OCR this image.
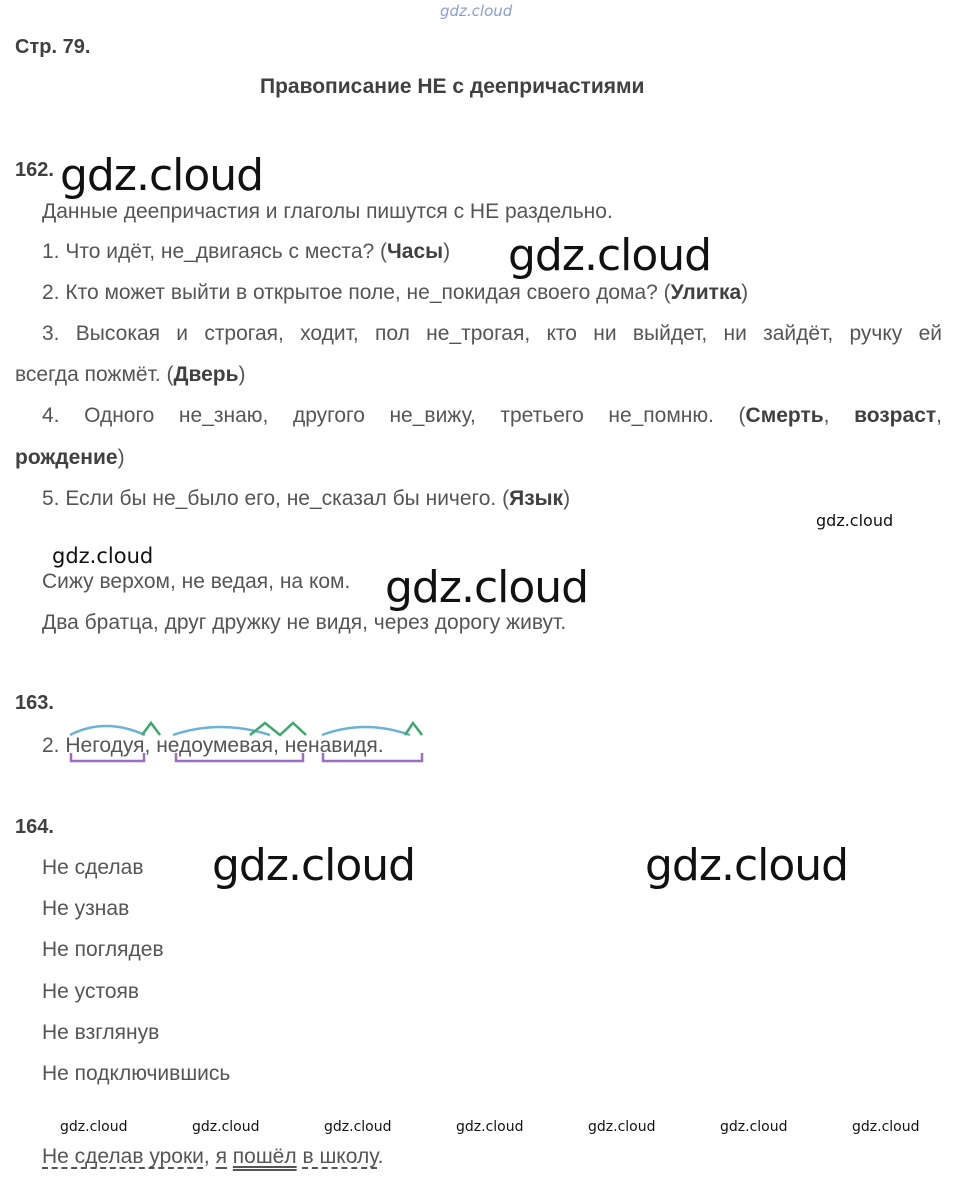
gdz.cloud
Стр. 79.
Правописание НЕ с деепричастиями
162. gdz.cloud
Данные деепричастия и глаголы пишутся с НЕ раздельно.
1. Что идёт, не_двигаясь с места? (Часы) gdz.cloud
2. Кто может выйти в открытое поле, не_покидая своего дома? (Улитка)
3. Высокая и строгая, ходит, пол не_трогая, кто ни выйдет, ни зайдёт, ручку ей
всегда пожмёт. (Дверь)
4. Одного не_знаю, другого не_вижу, третьего не_помню. (Смерть, возраст,
рождение)
5. Если бы не_было его, не_сказал бы ничего. (Язык)
gdz.cloud
gdz.cloud
Сижу верхом, не ведая, на ком. gdz.cloud
Два братца, друг дружку не видя, через дорогу живут.
163.
2. Негодуя, недоумевая, ненавидя.
164.
Не сделав
Не узнав
Не поглядев
Не устояв
Не взглянув
Не подключившись
gdz.cloud	gdz.cloud
gdz.cloud	gdz.cloud	gdz.cloud	gdz.cloud	gdz.cloud	gdz.cloud	gdz.cloud
Не сделав уроки, я пошёл в школу.
